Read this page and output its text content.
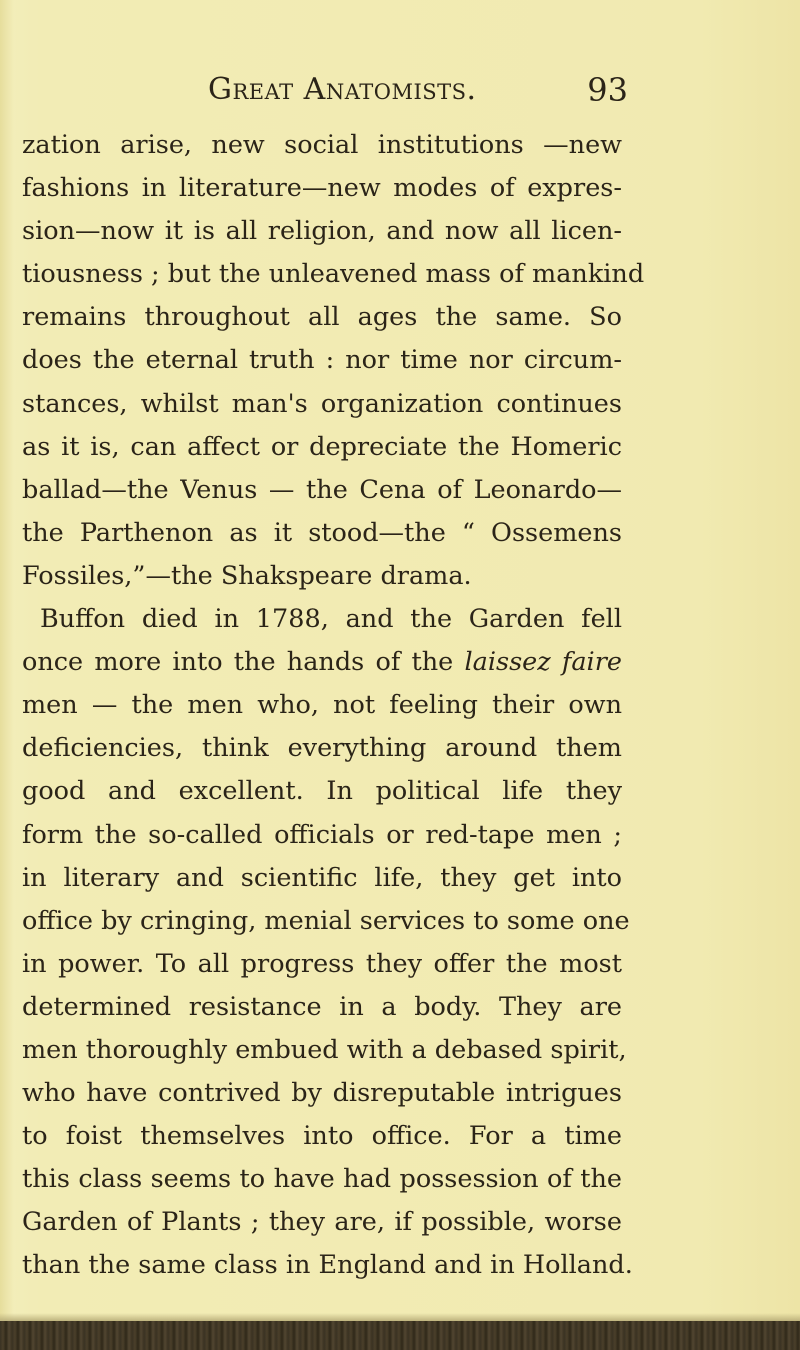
Great Anatomists.	93
zation arise, new social institutions —new
fashions in literature—new modes of expres-
sion—now it is all religion, and now all licen-
tiousness ; but the unleavened mass of mankind
remains throughout all ages the same. So
does the eternal truth : nor time nor circum-
stances, whilst man's organization continues
as it is, can affect or depreciate the Homeric
ballad—the Venus — the Cena of Leonardo—
the Parthenon as it stood—the “ Ossemens
Fossiles,”—the Shakspeare drama.
Buffon died in 1788, and the Garden fell
once more into the hands of the laissez faire
men — the men who, not feeling their own
deficiencies, think everything around them
good and excellent. In political life they
form the so-called officials or red-tape men ;
in literary and scientific life, they get into
office by cringing, menial services to some one
in power. To all progress they offer the most
determined resistance in a body. They are
men thoroughly embued with a debased spirit,
who have contrived by disreputable intrigues
to foist themselves into office. For a time
this class seems to have had possession of the
Garden of Plants ; they are, if possible, worse
than the same class in England and in Holland.
